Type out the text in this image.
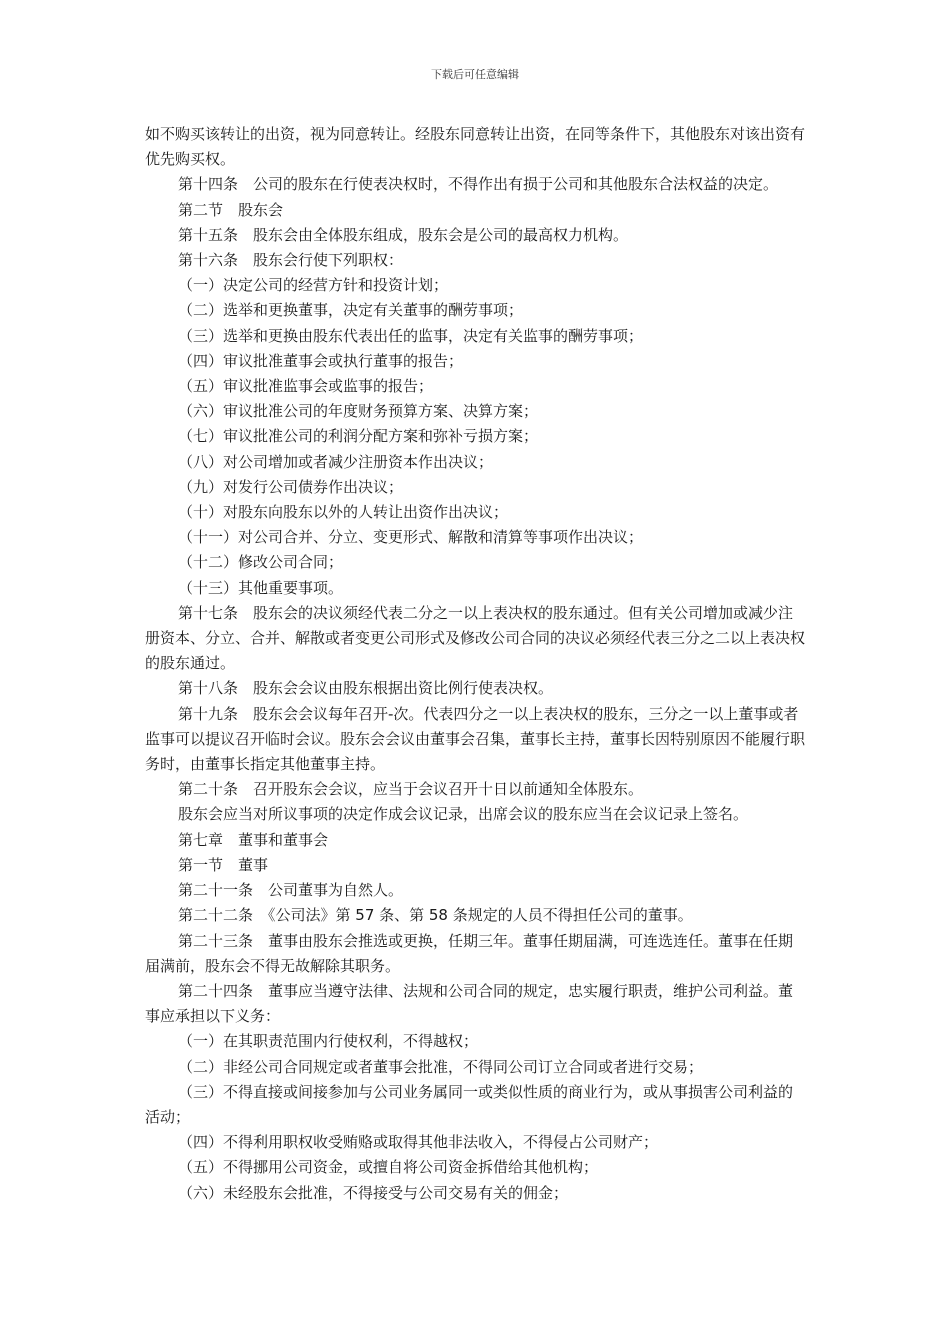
下载后可任意编辑

如不购买该转让的出资，视为同意转让。经股东同意转让出资，在同等条件下，其他股东对该出资有优先购买权。

第十四条　公司的股东在行使表决权时，不得作出有损于公司和其他股东合法权益的决定。

第二节　股东会

第十五条　股东会由全体股东组成，股东会是公司的最高权力机构。

第十六条　股东会行使下列职权：

（一）决定公司的经营方针和投资计划；

（二）选举和更换董事，决定有关董事的酬劳事项；

（三）选举和更换由股东代表出任的监事，决定有关监事的酬劳事项；

（四）审议批准董事会或执行董事的报告；

（五）审议批准监事会或监事的报告；

（六）审议批准公司的年度财务预算方案、决算方案；

（七）审议批准公司的利润分配方案和弥补亏损方案；

（八）对公司增加或者减少注册资本作出决议；

（九）对发行公司债券作出决议；

（十）对股东向股东以外的人转让出资作出决议；

（十一）对公司合并、分立、变更形式、解散和清算等事项作出决议；

（十二）修改公司合同；

（十三）其他重要事项。

第十七条　股东会的决议须经代表二分之一以上表决权的股东通过。但有关公司增加或减少注册资本、分立、合并、解散或者变更公司形式及修改公司合同的决议必须经代表三分之二以上表决权的股东通过。

第十八条　股东会会议由股东根据出资比例行使表决权。

第十九条　股东会会议每年召开-次。代表四分之一以上表决权的股东，三分之一以上董事或者监事可以提议召开临时会议。股东会会议由董事会召集，董事长主持，董事长因特别原因不能履行职务时，由董事长指定其他董事主持。

第二十条　召开股东会会议，应当于会议召开十日以前通知全体股东。

股东会应当对所议事项的决定作成会议记录，出席会议的股东应当在会议记录上签名。

第七章　董事和董事会

第一节　董事

第二十一条　公司董事为自然人。

第二十二条　《公司法》第 57 条、第 58 条规定的人员不得担任公司的董事。

第二十三条　董事由股东会推选或更换，任期三年。董事任期届满，可连选连任。董事在任期届满前，股东会不得无故解除其职务。

第二十四条　董事应当遵守法律、法规和公司合同的规定，忠实履行职责，维护公司利益。董事应承担以下义务：

（一）在其职责范围内行使权利，不得越权；

（二）非经公司合同规定或者董事会批准，不得同公司订立合同或者进行交易；

（三）不得直接或间接参加与公司业务属同一或类似性质的商业行为，或从事损害公司利益的活动；

（四）不得利用职权收受贿赂或取得其他非法收入，不得侵占公司财产；

（五）不得挪用公司资金，或擅自将公司资金拆借给其他机构；

（六）未经股东会批准，不得接受与公司交易有关的佣金；
